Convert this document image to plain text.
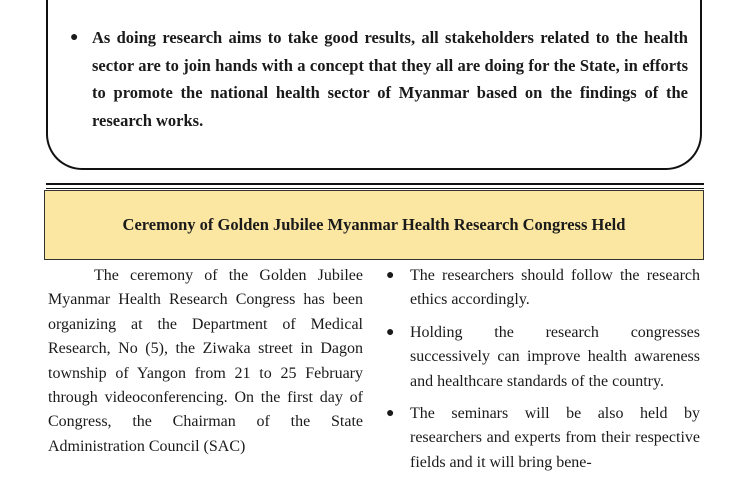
● As doing research aims to take good results, all stakeholders related to the health sector are to join hands with a concept that they all are doing for the State, in efforts to promote the national health sector of Myanmar based on the findings of the research works.
Ceremony of Golden Jubilee Myanmar Health Research Congress Held

The ceremony of the Golden Jubilee Myanmar Health Research Congress has been organizing at the Department of Medical Research, No (5), the Ziwaka street in Dagon township of Yangon from 21 to 25 February through videoconferencing. On the first day of Congress, the Chairman of the State Administration Council (SAC)

● The researchers should follow the research ethics accordingly.
● Holding the research congresses successively can improve health awareness and healthcare standards of the country.
● The seminars will be also held by researchers and experts from their respective fields and it will bring bene-
